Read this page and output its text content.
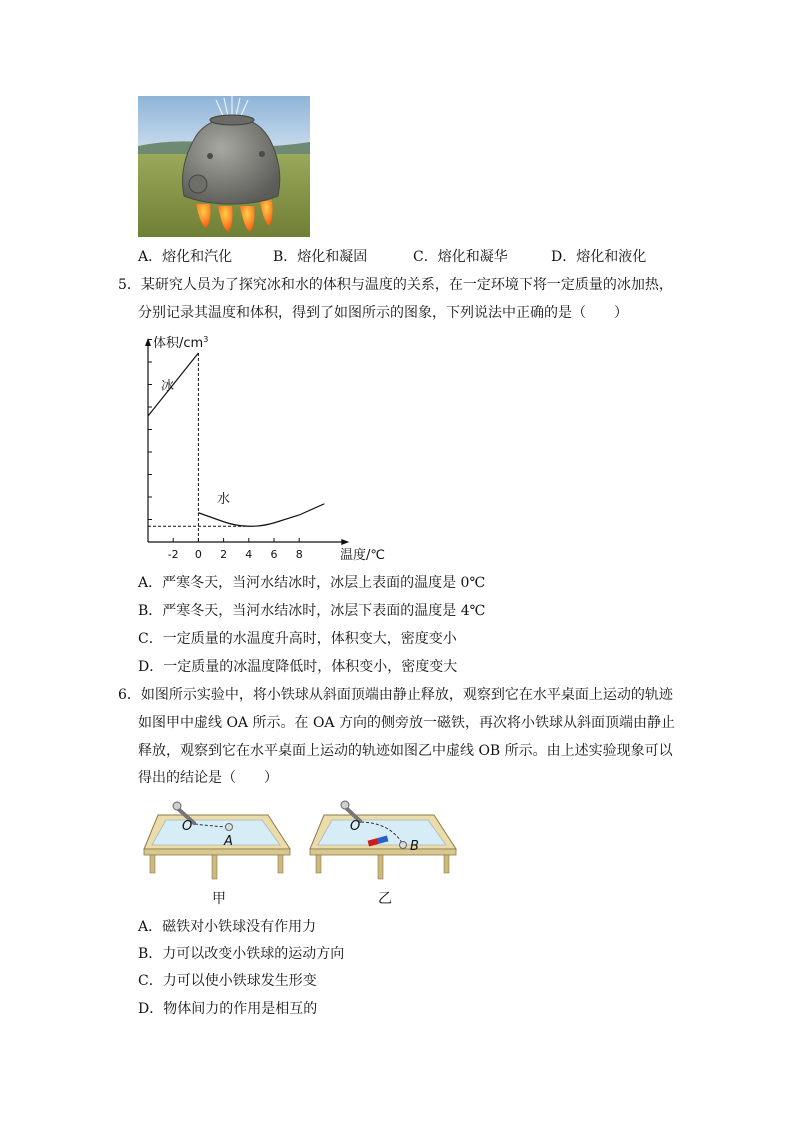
A．熔化和汽化	B．熔化和凝固	C．熔化和凝华	D．熔化和液化
5．某研究人员为了探究冰和水的体积与温度的关系，在一定环境下将一定质量的冰加热，
分别记录其温度和体积，得到了如图所示的图象，下列说法中正确的是（　　）
-2 0 2 4 6 8
体积$/cm^3$
温度/℃
冰
水
A．严寒冬天，当河水结冰时，冰层上表面的温度是 0℃
B．严寒冬天，当河水结冰时，冰层下表面的温度是 4℃
C．一定质量的水温度升高时，体积变大，密度变小
D．一定质量的冰温度降低时，体积变小，密度变大
6．如图所示实验中，将小铁球从斜面顶端由静止释放，观察到它在水平桌面上运动的轨迹
如图甲中虚线 OA 所示。在 OA 方向的侧旁放一磁铁，再次将小铁球从斜面顶端由静止
释放，观察到它在水平桌面上运动的轨迹如图乙中虚线 OB 所示。由上述实验现象可以
得出的结论是（　　）
O
A
O
B
甲	乙
A．磁铁对小铁球没有作用力
B．力可以改变小铁球的运动方向
C．力可以使小铁球发生形变
D．物体间力的作用是相互的
